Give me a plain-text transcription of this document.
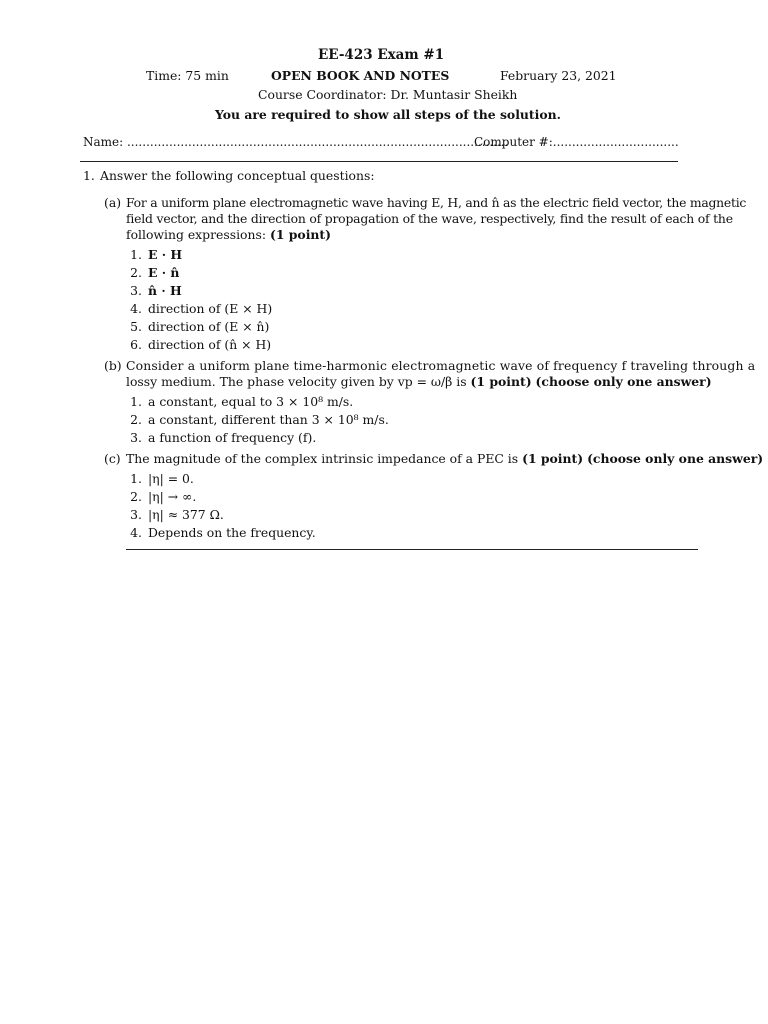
EE-423 Exam #1
Time: 75 min	OPEN BOOK AND NOTES	February 23, 2021
Course Coordinator: Dr. Muntasir Sheikh
You are required to show all steps of the solution.
Name: ....................................................................................................
Computer #:.................................
1. Answer the following conceptual questions:
(a) For a uniform plane electromagnetic wave having E, H, and n̂ as the electric field vector, the magnetic
field vector, and the direction of propagation of the wave, respectively, find the result of each of the
following expressions: (1 point)
1. E · H
2. E · n̂
3. n̂ · H
4. direction of (E × H)
5. direction of (E × n̂)
6. direction of (n̂ × H)
(b) Consider a uniform plane time-harmonic electromagnetic wave of frequency f traveling through a
lossy medium. The phase velocity given by vp = ω/β is (1 point) (choose only one answer)
1. a constant, equal to 3 × 10⁸ m/s.
2. a constant, different than 3 × 10⁸ m/s.
3. a function of frequency (f).
(c) The magnitude of the complex intrinsic impedance of a PEC is (1 point) (choose only one answer)
1. |η| = 0.
2. |η| → ∞.
3. |η| ≈ 377 Ω.
4. Depends on the frequency.
